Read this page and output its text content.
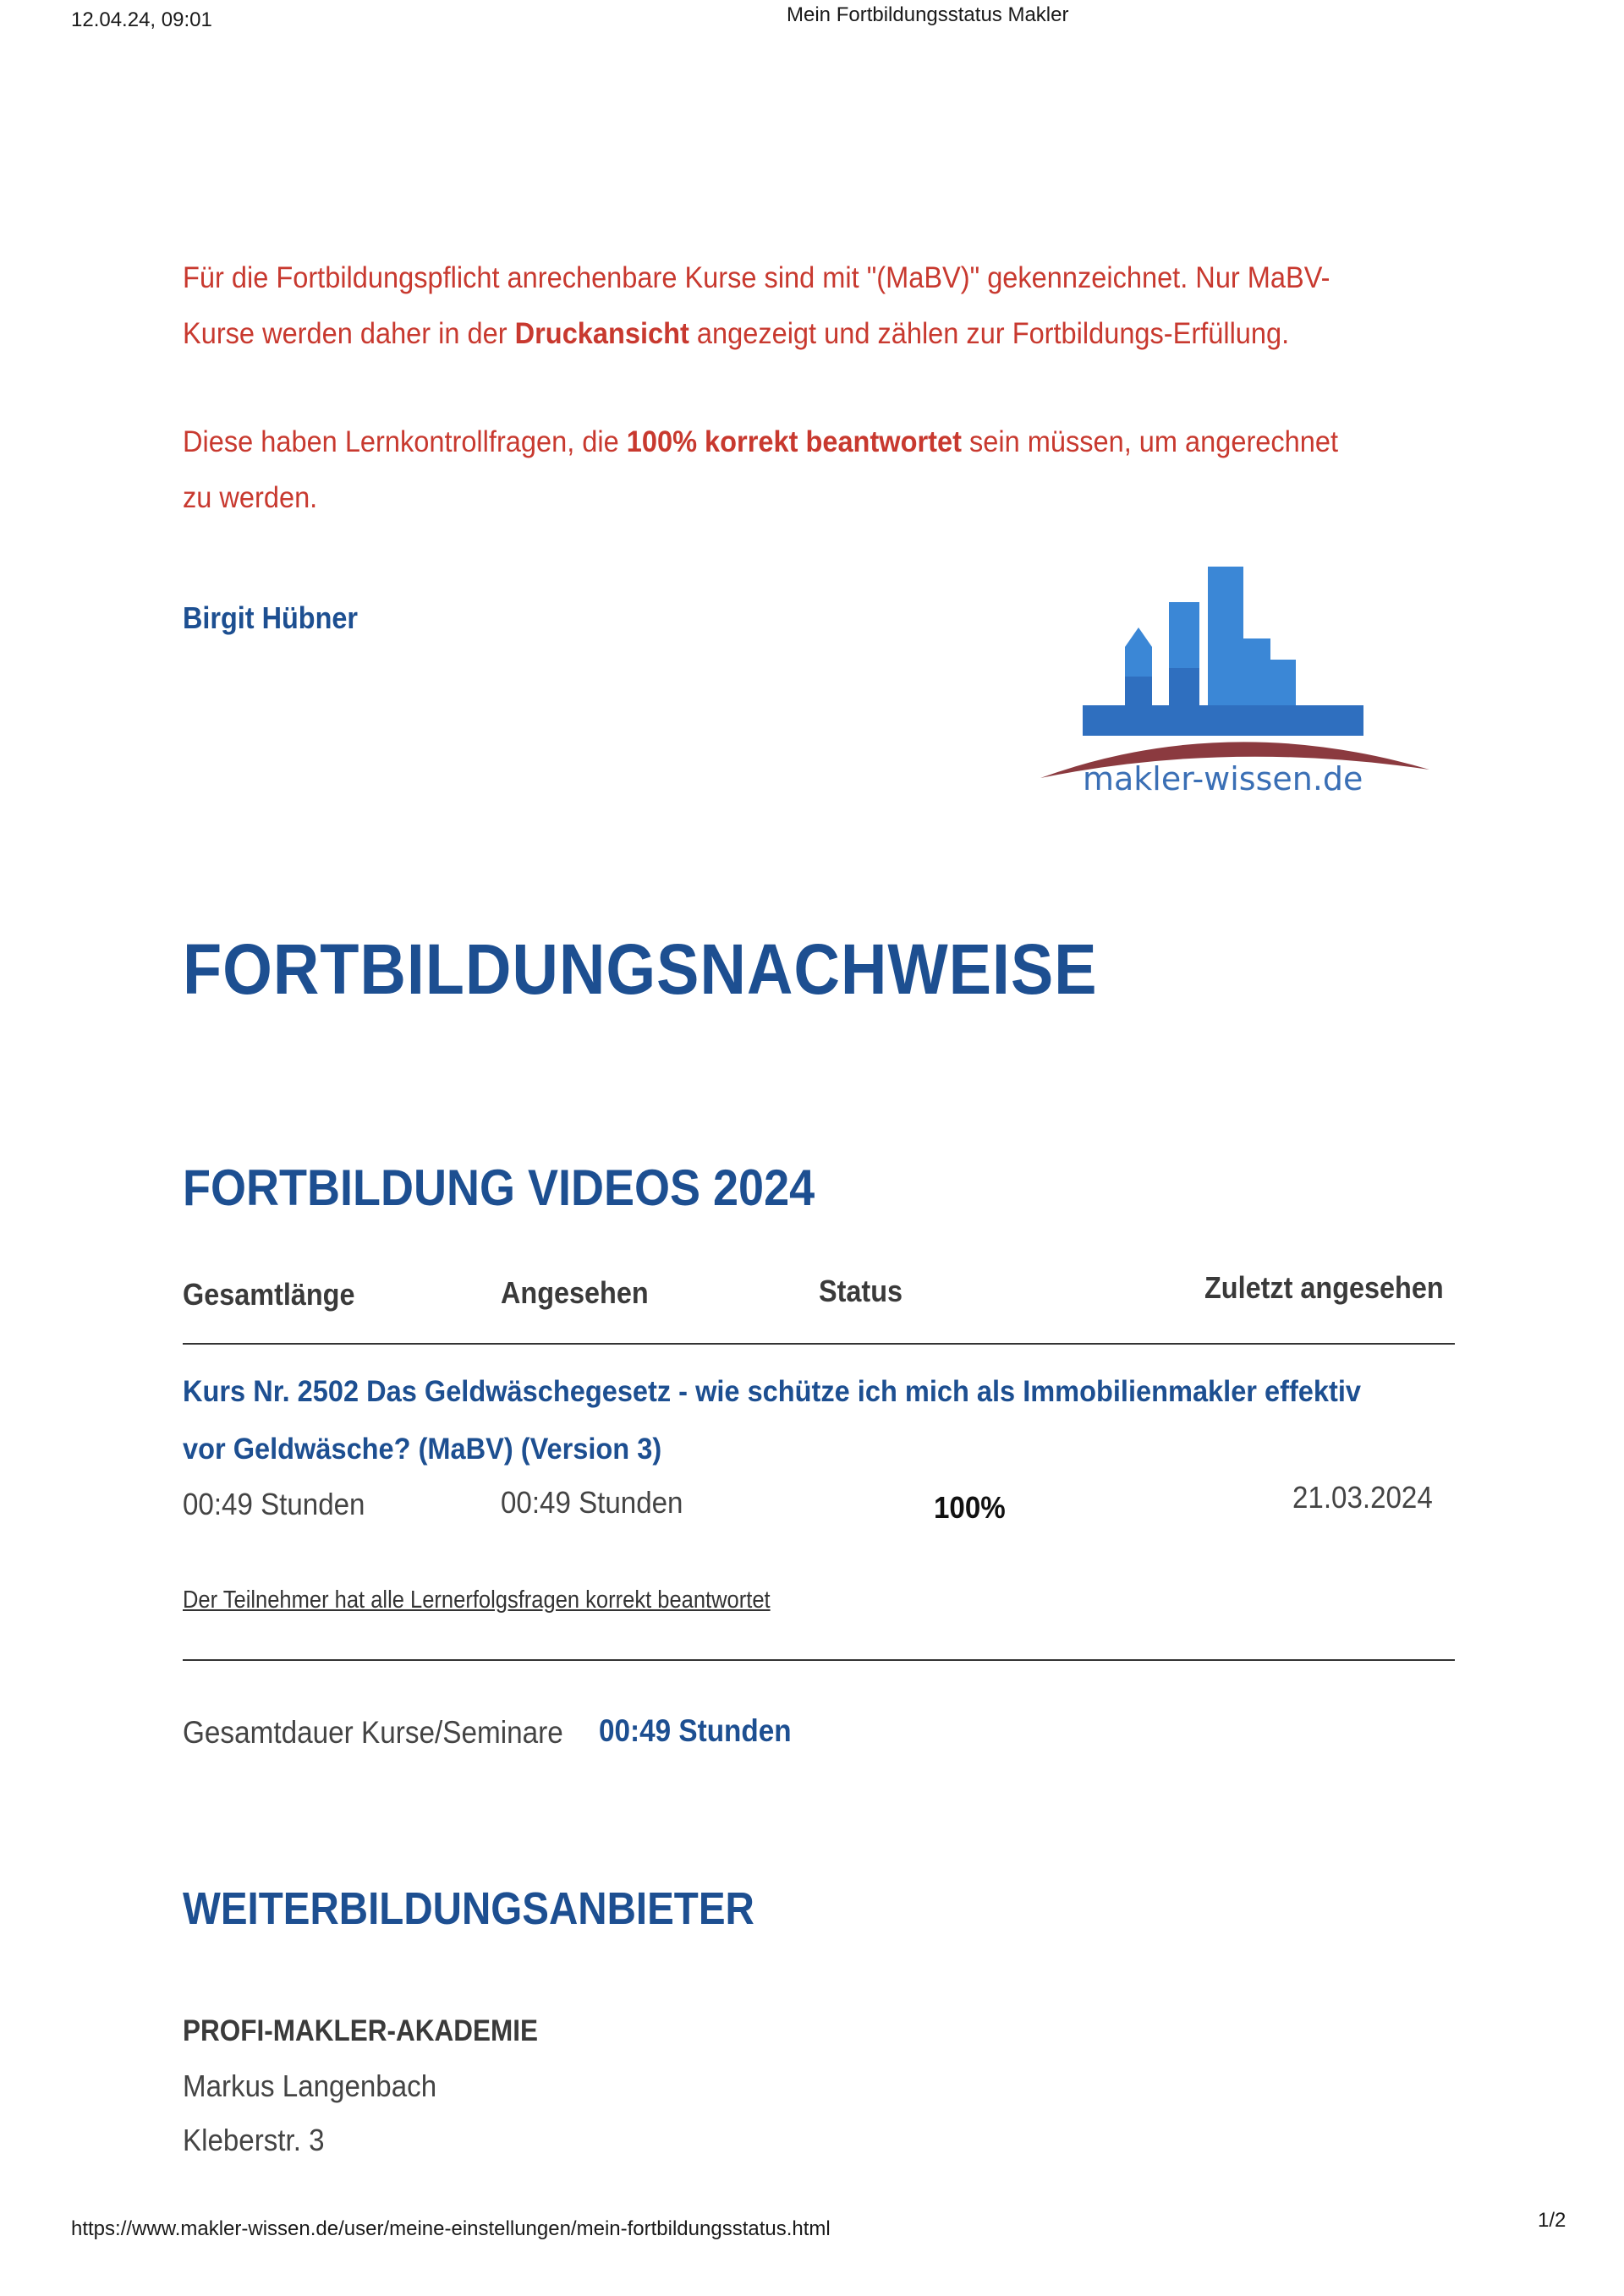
12.04.24, 09:01	Mein Fortbildungsstatus Makler
Für die Fortbildungspflicht anrechenbare Kurse sind mit "(MaBV)" gekennzeichnet. Nur MaBV-Kurse werden daher in der Druckansicht angezeigt und zählen zur Fortbildungs-Erfüllung.
Diese haben Lernkontrollfragen, die 100% korrekt beantwortet sein müssen, um angerechnet zu werden.
Birgit Hübner
makler-wissen.de
FORTBILDUNGSNACHWEISE
FORTBILDUNG VIDEOS 2024
Gesamtlänge	Angesehen	Status	Zuletzt angesehen
Kurs Nr. 2502 Das Geldwäschegesetz - wie schütze ich mich als Immobilienmakler effektiv vor Geldwäsche? (MaBV) (Version 3)
00:49 Stunden	00:49 Stunden	100%	21.03.2024
Der Teilnehmer hat alle Lernerfolgsfragen korrekt beantwortet
Gesamtdauer Kurse/Seminare 00:49 Stunden
WEITERBILDUNGSANBIETER
PROFI-MAKLER-AKADEMIE
Markus Langenbach
Kleberstr. 3
https://www.makler-wissen.de/user/meine-einstellungen/mein-fortbildungsstatus.html	1/2
